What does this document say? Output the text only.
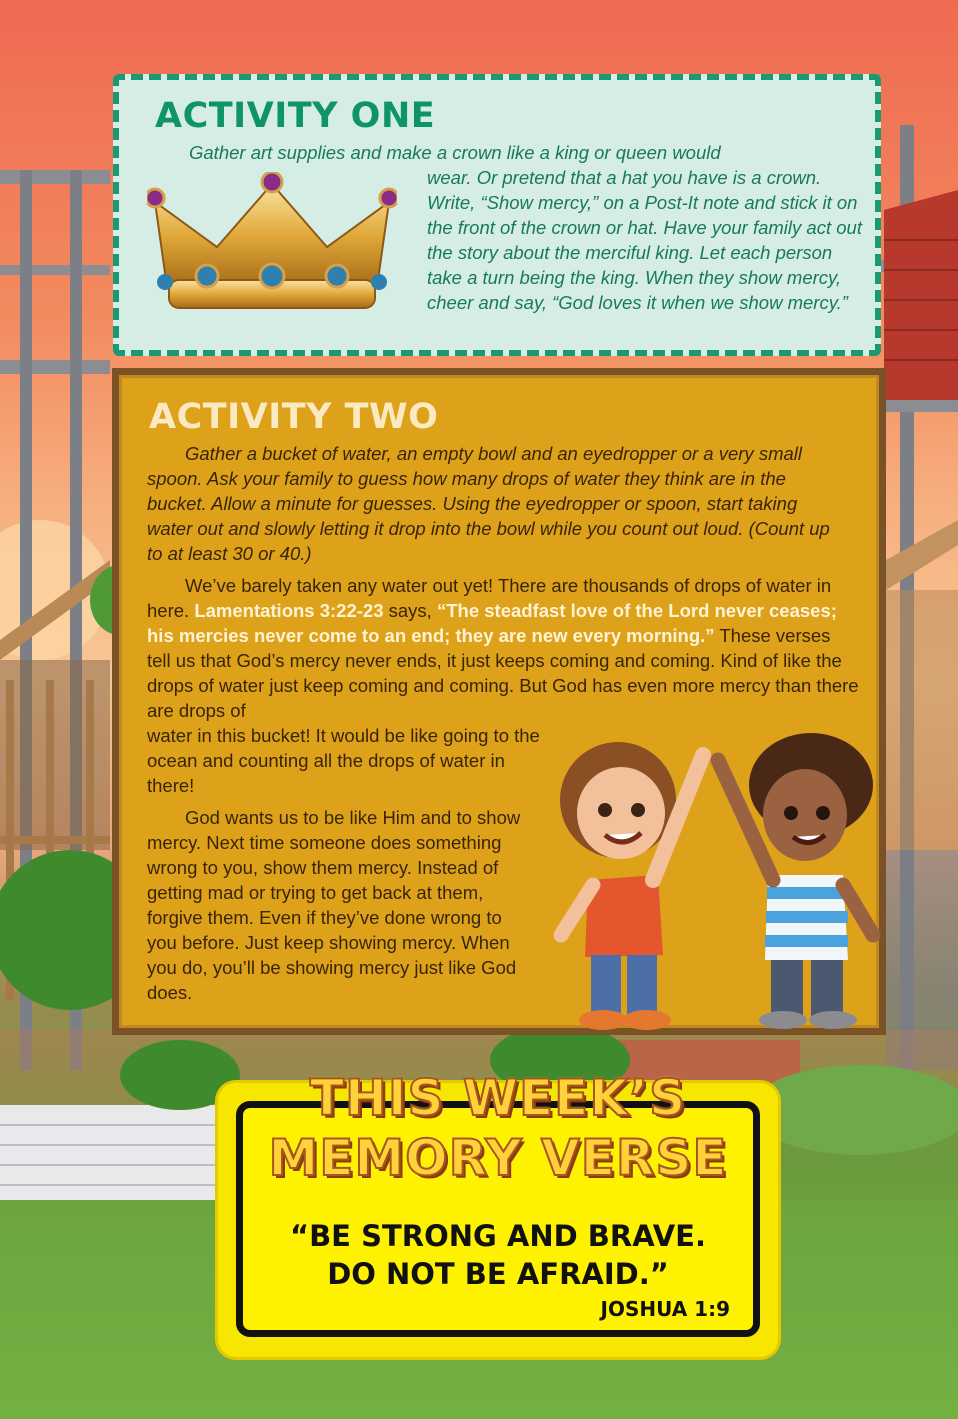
ACTIVITY ONE

Gather art supplies and make a crown like a king or queen would

wear. Or pretend that a hat you have is a crown. Write, “Show mercy,” on a Post-It note and stick it on the front of the crown or hat. Have your family act out the story about the merciful king. Let each person take a turn being the king. When they show mercy, cheer and say, “God loves it when we show mercy.”

ACTIVITY TWO

Gather a bucket of water, an empty bowl and an eyedropper or a very small spoon. Ask your family to guess how many drops of water they think are in the bucket. Allow a minute for guesses. Using the eyedropper or spoon, start taking water out and slowly letting it drop into the bowl while you count out loud. (Count up to at least 30 or 40.)

We’ve barely taken any water out yet! There are thousands of drops of water in here. Lamentations 3:22-23 says, “The steadfast love of the Lord never ceases; his mercies never come to an end; they are new every morning.” These verses tell us that God’s mercy never ends, it just keeps coming and coming. Kind of like the drops of water just keep coming and coming. But God has even more mercy than there are drops of

water in this bucket! It would be like going to the ocean and counting all the drops of water in there!

God wants us to be like Him and to show mercy. Next time someone does something wrong to you, show them mercy. Instead of getting mad or trying to get back at them, forgive them. Even if they’ve done wrong to you before. Just keep showing mercy. When you do, you’ll be showing mercy just like God does.

THIS WEEK’S
MEMORY VERSE

“BE STRONG AND BRAVE.
DO NOT BE AFRAID.”

JOSHUA 1:9
